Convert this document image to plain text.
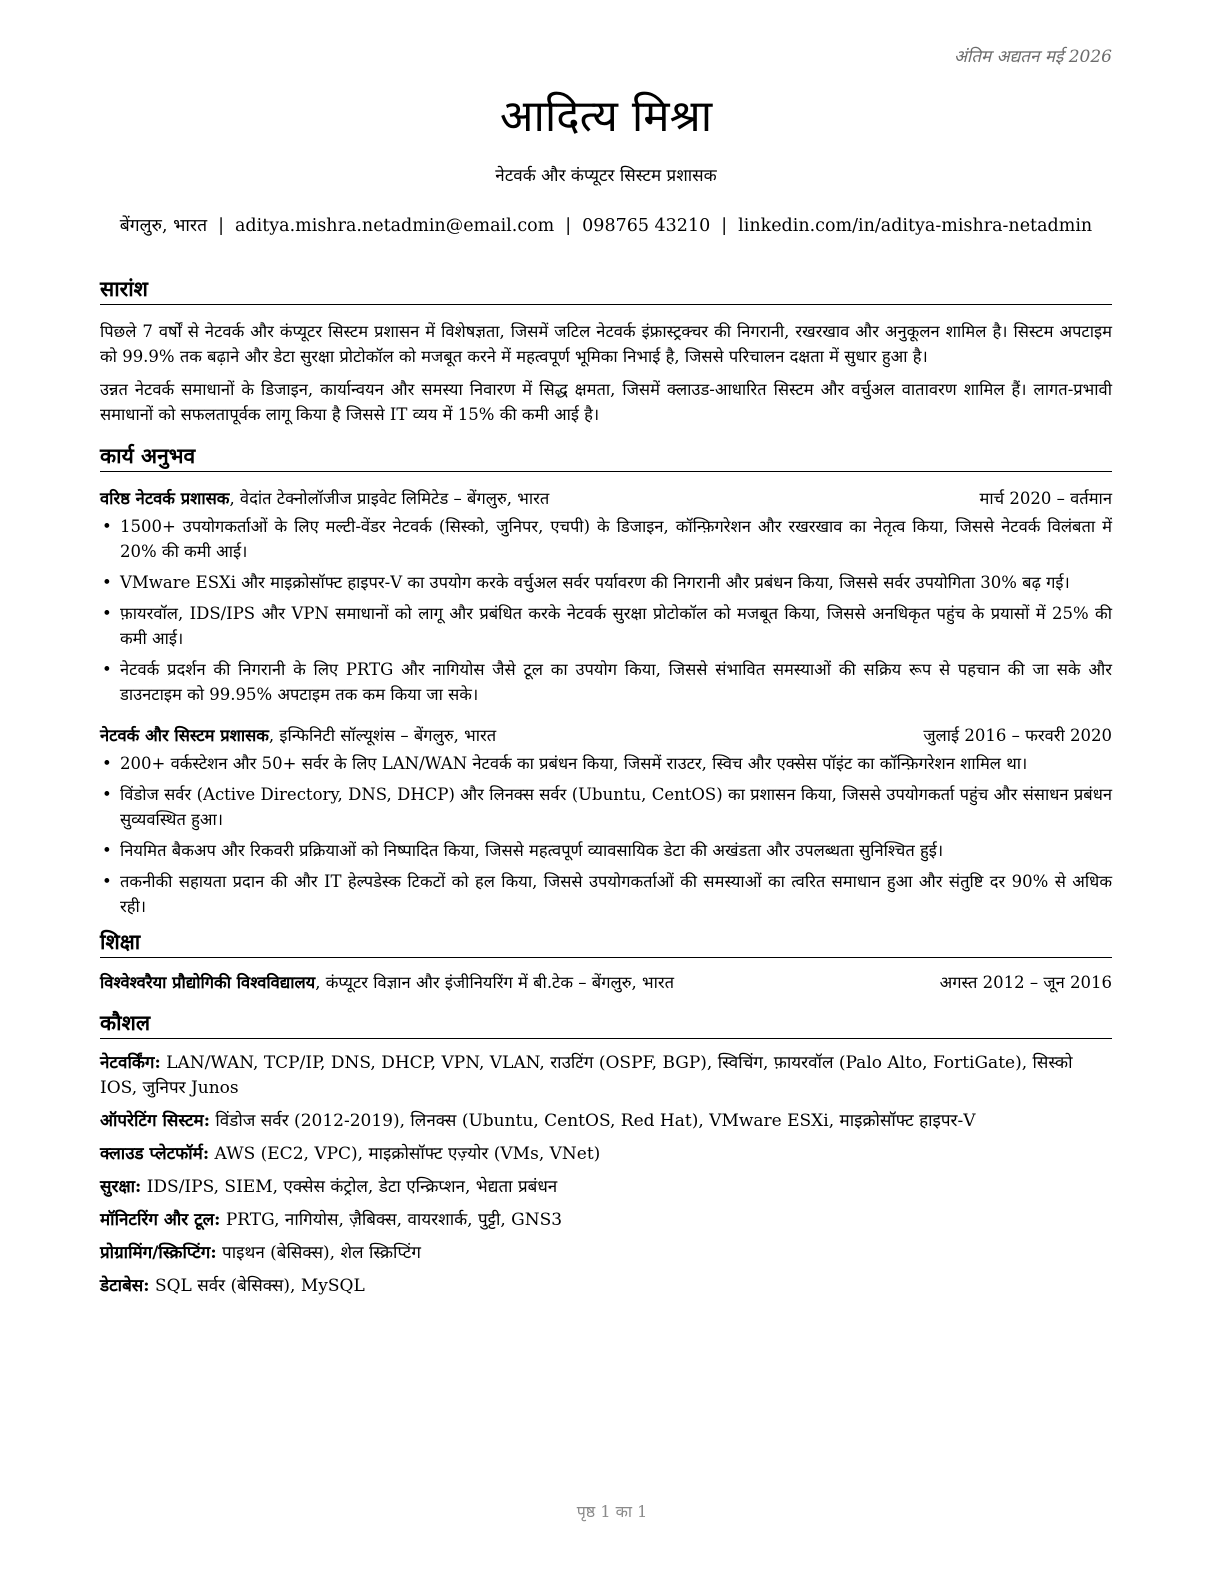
अंतिम अद्यतन मई 2026
आदित्य मिश्रा
नेटवर्क और कंप्यूटर सिस्टम प्रशासक
बेंगलुरु, भारत | aditya.mishra.netadmin@email.com | 098765 43210 | linkedin.com/in/aditya-mishra-netadmin
सारांश

पिछले 7 वर्षों से नेटवर्क और कंप्यूटर सिस्टम प्रशासन में विशेषज्ञता, जिसमें जटिल नेटवर्क इंफ्रास्ट्रक्चर की निगरानी, रखरखाव और अनुकूलन शामिल है। सिस्टम अपटाइम को 99.9% तक बढ़ाने और डेटा सुरक्षा प्रोटोकॉल को मजबूत करने में महत्वपूर्ण भूमिका निभाई है, जिससे परिचालन दक्षता में सुधार हुआ है।

उन्नत नेटवर्क समाधानों के डिजाइन, कार्यान्वयन और समस्या निवारण में सिद्ध क्षमता, जिसमें क्लाउड-आधारित सिस्टम और वर्चुअल वातावरण शामिल हैं। लागत-प्रभावी समाधानों को सफलतापूर्वक लागू किया है जिससे IT व्यय में 15% की कमी आई है।

कार्य अनुभव
वरिष्ठ नेटवर्क प्रशासक, वेदांत टेक्नोलॉजीज प्राइवेट लिमिटेड – बेंगलुरु, भारत	मार्च 2020 – वर्तमान
• 1500+ उपयोगकर्ताओं के लिए मल्टी-वेंडर नेटवर्क (सिस्को, जुनिपर, एचपी) के डिजाइन, कॉन्फ़िगरेशन और रखरखाव का नेतृत्व किया, जिससे नेटवर्क विलंबता में 20% की कमी आई।
• VMware ESXi और माइक्रोसॉफ्ट हाइपर-V का उपयोग करके वर्चुअल सर्वर पर्यावरण की निगरानी और प्रबंधन किया, जिससे सर्वर उपयोगिता 30% बढ़ गई।
• फ़ायरवॉल, IDS/IPS और VPN समाधानों को लागू और प्रबंधित करके नेटवर्क सुरक्षा प्रोटोकॉल को मजबूत किया, जिससे अनधिकृत पहुंच के प्रयासों में 25% की कमी आई।
• नेटवर्क प्रदर्शन की निगरानी के लिए PRTG और नागियोस जैसे टूल का उपयोग किया, जिससे संभावित समस्याओं की सक्रिय रूप से पहचान की जा सके और डाउनटाइम को 99.95% अपटाइम तक कम किया जा सके।
नेटवर्क और सिस्टम प्रशासक, इन्फिनिटी सॉल्यूशंस – बेंगलुरु, भारत	जुलाई 2016 – फरवरी 2020
• 200+ वर्कस्टेशन और 50+ सर्वर के लिए LAN/WAN नेटवर्क का प्रबंधन किया, जिसमें राउटर, स्विच और एक्सेस पॉइंट का कॉन्फ़िगरेशन शामिल था।
• विंडोज सर्वर (Active Directory, DNS, DHCP) और लिनक्स सर्वर (Ubuntu, CentOS) का प्रशासन किया, जिससे उपयोगकर्ता पहुंच और संसाधन प्रबंधन सुव्यवस्थित हुआ।
• नियमित बैकअप और रिकवरी प्रक्रियाओं को निष्पादित किया, जिससे महत्वपूर्ण व्यावसायिक डेटा की अखंडता और उपलब्धता सुनिश्चित हुई।
• तकनीकी सहायता प्रदान की और IT हेल्पडेस्क टिकटों को हल किया, जिससे उपयोगकर्ताओं की समस्याओं का त्वरित समाधान हुआ और संतुष्टि दर 90% से अधिक रही।
शिक्षा
विश्वेश्वरैया प्रौद्योगिकी विश्वविद्यालय, कंप्यूटर विज्ञान और इंजीनियरिंग में बी.टेक – बेंगलुरु, भारत	अगस्त 2012 – जून 2016
कौशल
नेटवर्किंग: LAN/WAN, TCP/IP, DNS, DHCP, VPN, VLAN, राउटिंग (OSPF, BGP), स्विचिंग, फ़ायरवॉल (Palo Alto, FortiGate), सिस्को IOS, जुनिपर Junos
ऑपरेटिंग सिस्टम: विंडोज सर्वर (2012-2019), लिनक्स (Ubuntu, CentOS, Red Hat), VMware ESXi, माइक्रोसॉफ्ट हाइपर-V
क्लाउड प्लेटफॉर्म: AWS (EC2, VPC), माइक्रोसॉफ्ट एज़्योर (VMs, VNet)
सुरक्षा: IDS/IPS, SIEM, एक्सेस कंट्रोल, डेटा एन्क्रिप्शन, भेद्यता प्रबंधन
मॉनिटरिंग और टूल: PRTG, नागियोस, ज़ैबिक्स, वायरशार्क, पुट्टी, GNS3
प्रोग्रामिंग/स्क्रिप्टिंग: पाइथन (बेसिक्स), शेल स्क्रिप्टिंग
डेटाबेस: SQL सर्वर (बेसिक्स), MySQL
पृष्ठ 1 का 1
